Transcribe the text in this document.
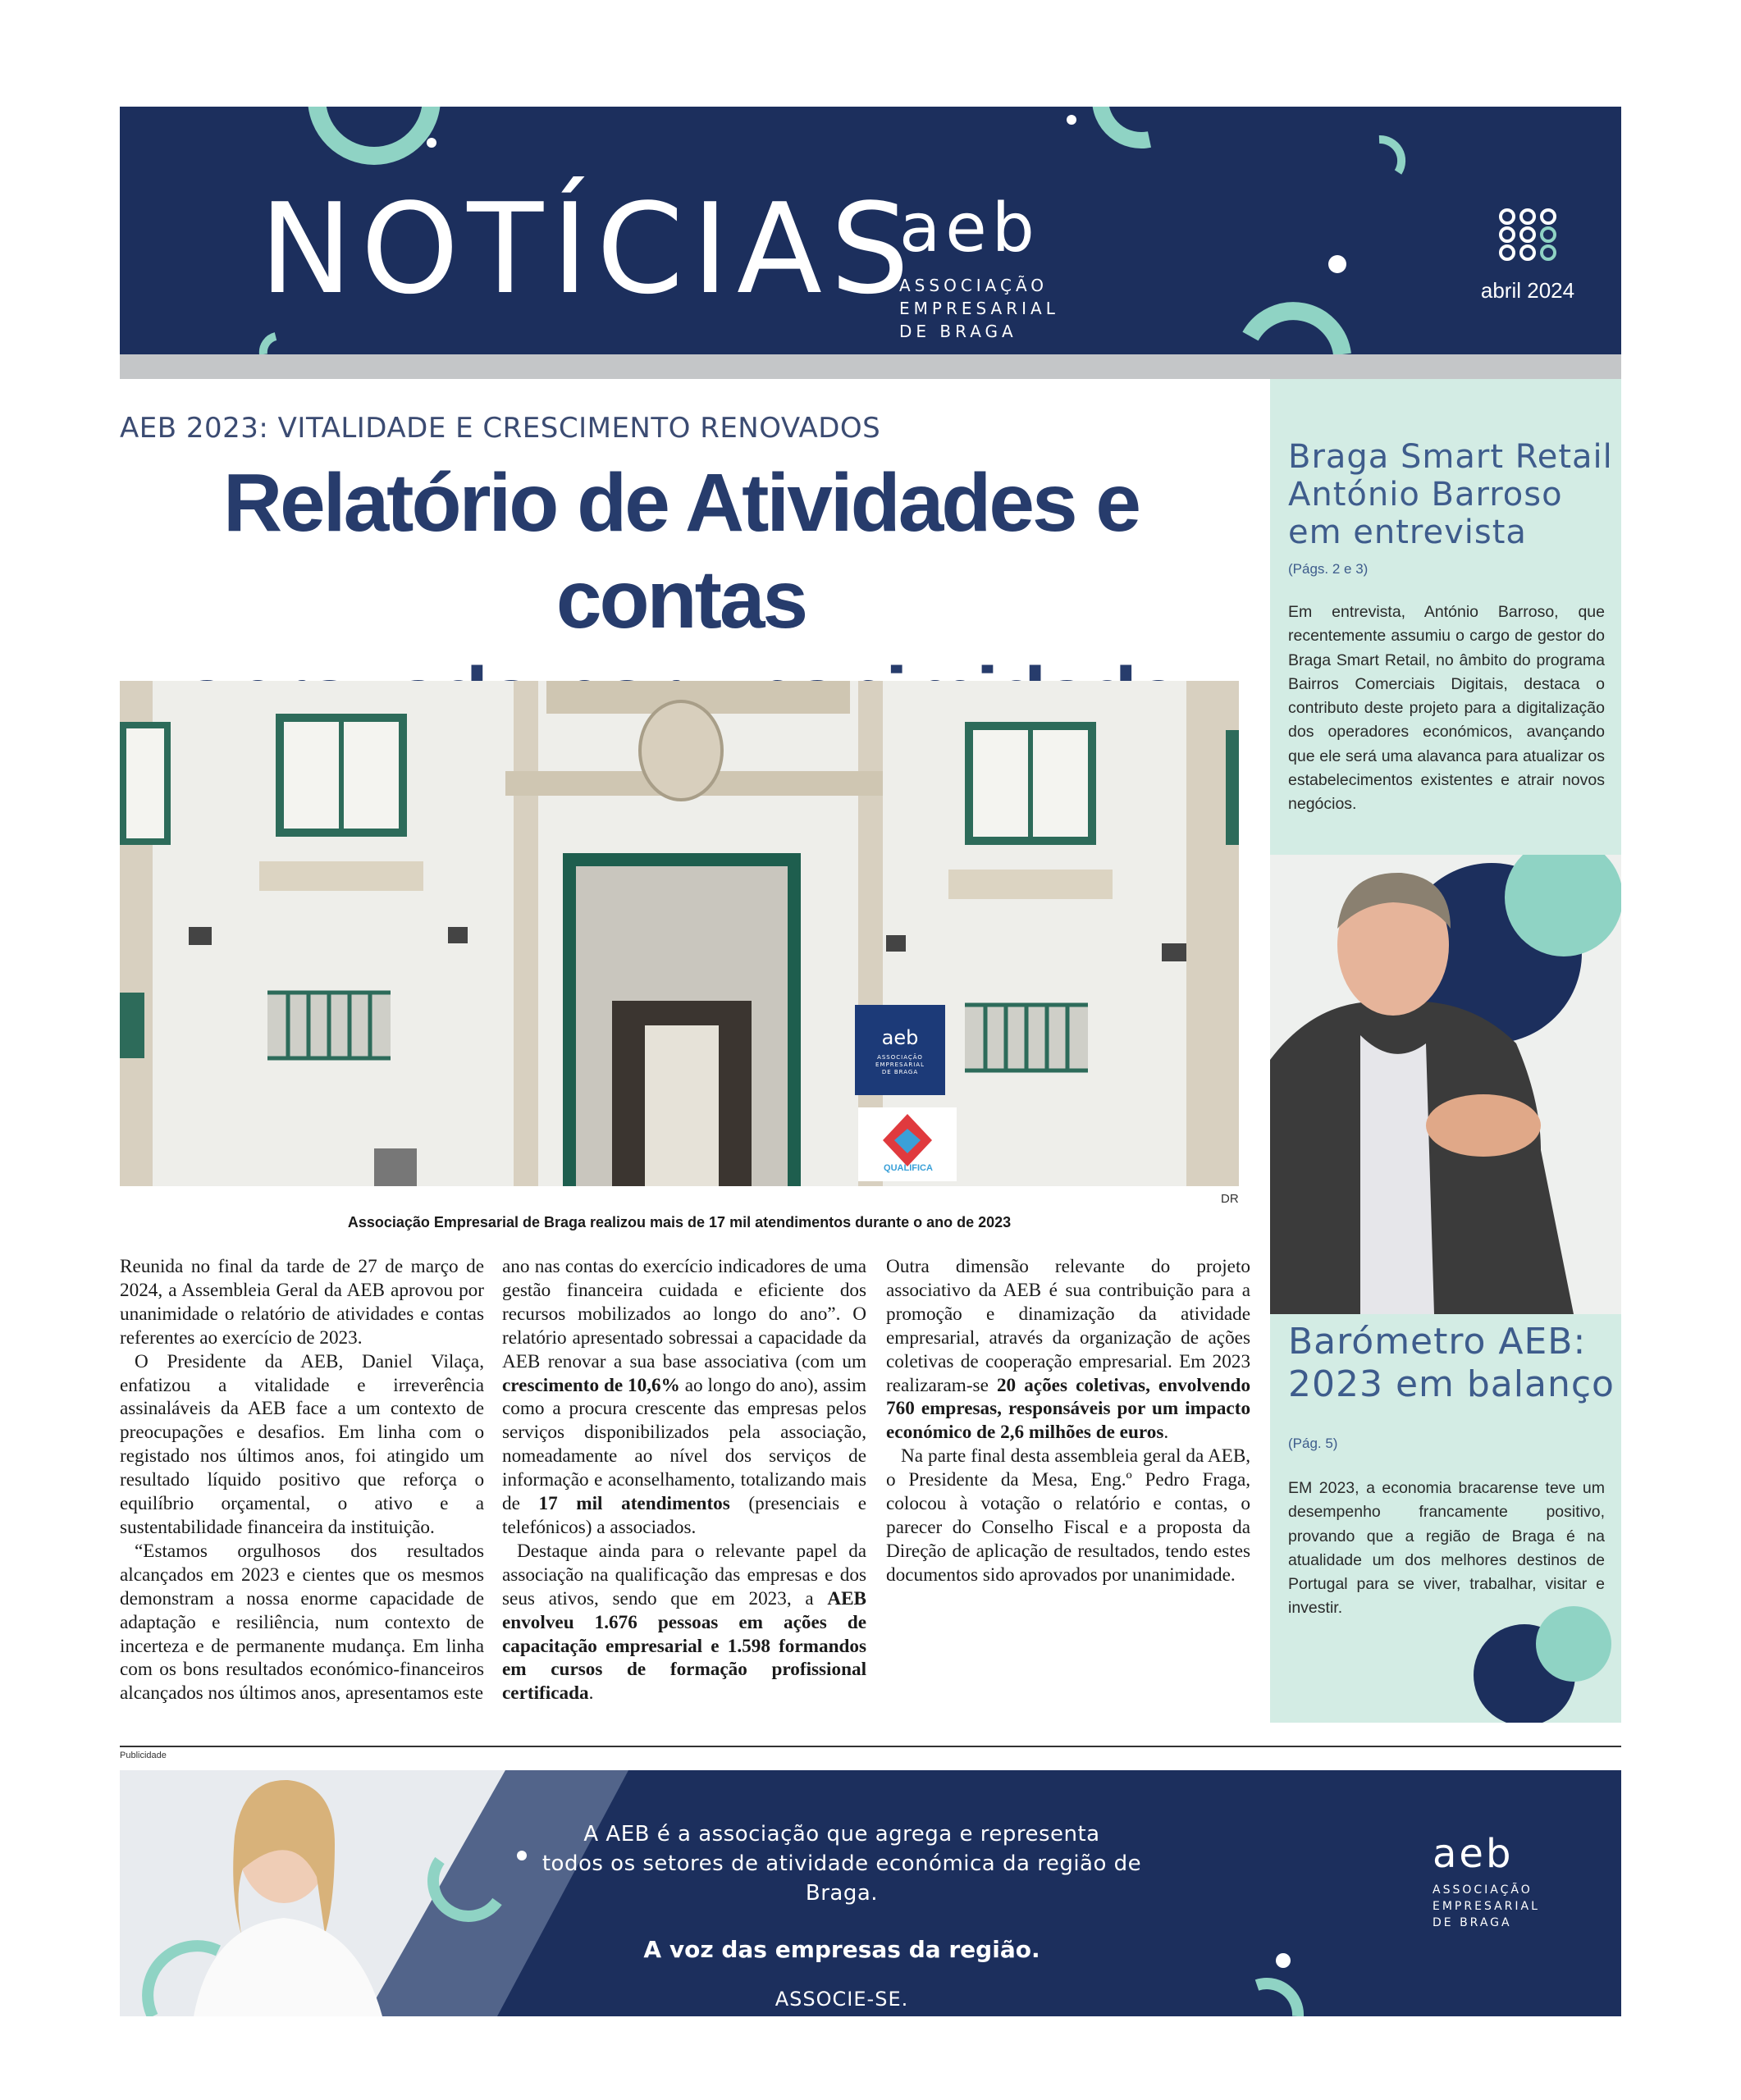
NOTÍCIAS
aeb
ASSOCIAÇÃO
EMPRESARIAL
DE BRAGA
abril 2024
AEB 2023: VITALIDADE E CRESCIMENTO RENOVADOS
Relatório de Atividades e contas

aeb
ASSOCIAÇÃO
EMPRESARIAL
DE BRAGA
QUALIFICA
DR
Associação Empresarial de Braga realizou mais de 17 mil atendimentos durante o ano de 2023

Reunida no final da tarde de 27 de março de 2024, a Assembleia Geral da AEB aprovou por unanimidade o relatório de atividades e contas referentes ao exercício de 2023.

O Presidente da AEB, Daniel Vilaça, enfatizou a vitalidade e irreverência assinaláveis da AEB face a um contexto de preocupações e desafios. Em linha com o registado nos últimos anos, foi atingido um resultado líquido positivo que reforça o equilíbrio orçamental, o ativo e a sustentabilidade financeira da instituição.

“Estamos orgulhosos dos resultados alcançados em 2023 e cientes que os mesmos demonstram a nossa enorme capacidade de adaptação e resiliência, num contexto de incerteza e de permanente mudança. Em linha com os bons resultados económico-financeiros alcançados nos últimos anos, apresentamos este

ano nas contas do exercício indicadores de uma gestão financeira cuidada e eficiente dos recursos mobilizados ao longo do ano”. O relatório apresentado sobressai a capacidade da AEB renovar a sua base associativa (com um crescimento de 10,6% ao longo do ano), assim como a procura crescente das empresas pelos serviços disponibilizados pela associação, nomeadamente ao nível dos serviços de informação e aconselhamento, totalizando mais de 17 mil atendimentos (presenciais e telefónicos) a associados.

Destaque ainda para o relevante papel da associação na qualificação das empresas e dos seus ativos, sendo que em 2023, a AEB envolveu 1.676 pessoas em ações de capacitação empresarial e 1.598 formandos em cursos de formação profissional certificada.

Outra dimensão relevante do projeto associativo da AEB é sua contribuição para a promoção e dinamização da atividade empresarial, através da organização de ações coletivas de cooperação empresarial. Em 2023 realizaram-se 20 ações coletivas, envolvendo 760 empresas, responsáveis por um impacto económico de 2,6 milhões de euros.

Na parte final desta assembleia geral da AEB, o Presidente da Mesa, Eng.º Pedro Fraga, colocou à votação o relatório e contas, o parecer do Conselho Fiscal e a proposta da Direção de aplicação de resultados, tendo estes documentos sido aprovados por unanimidade.

Braga Smart Retail
António Barroso
em entrevista
(Págs. 2 e 3)

Em entrevista, António Barroso, que recentemente assumiu o cargo de gestor do Braga Smart Retail, no âmbito do programa Bairros Comerciais Digitais, destaca o contributo deste projeto para a digitalização dos operadores económicos, avançando que ele será uma alavanca para atualizar os estabelecimentos existentes e atrair novos negócios.

Barómetro AEB:
2023 em balanço
(Pág. 5)

EM 2023, a economia bracarense teve um desempenho francamente positivo, provando que a região de Braga é na atualidade um dos melhores destinos de Portugal para se viver, trabalhar, visitar e investir.

Publicidade
A AEB é a associação que agrega e representa
todos os setores de atividade económica da região de Braga.
A voz das empresas da região.
ASSOCIE-SE.
aeb
ASSOCIAÇÃO
EMPRESARIAL
DE BRAGA
